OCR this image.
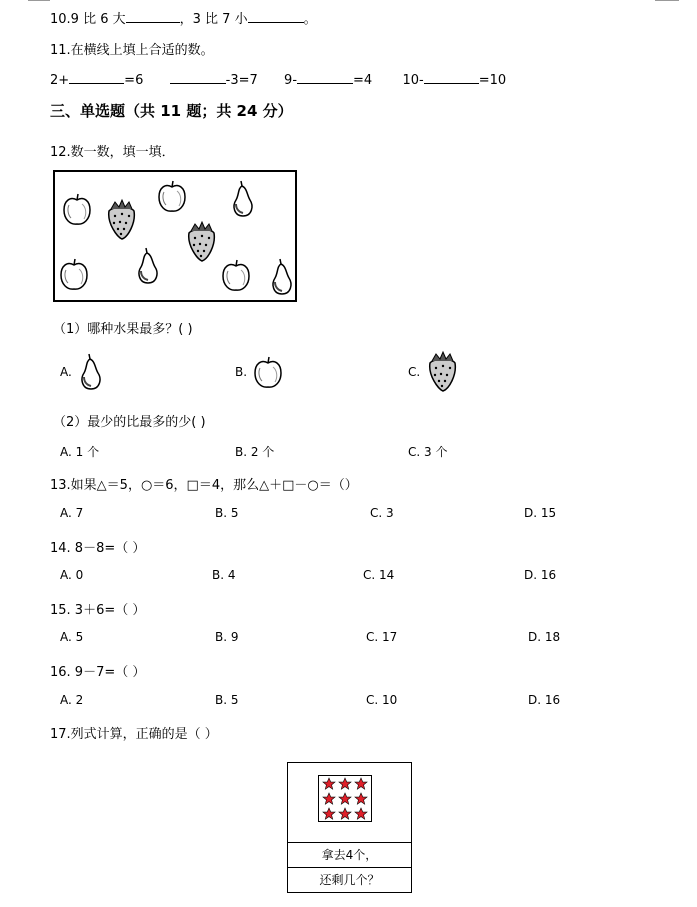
10.9 比 6 大	，3 比 7 小	。
11.在横线上填上合适的数。
2+	=6	-3=7 9-	=4 10-	=10
三、单选题（共 11 题；共 24 分）
12.数一数，填一填．
（1）哪种水果最多？( )
A.	B.	C.
（2）最少的比最多的少( )
A. 1 个	B. 2 个	C. 3 个
13.如果△＝5，○＝6，□＝4，那么△＋□－○＝（）
A. 7	B. 5	C. 3	D. 15
14. 8－8=（ ）
A. 0	B. 4	C. 14	D. 16
15. 3＋6=（ ）
A. 5	B. 9	C. 17	D. 18
16. 9－7=（ ）
A. 2	B. 5	C. 10	D. 16
17.列式计算，正确的是（ ）
拿去4个，
还剩几个？
